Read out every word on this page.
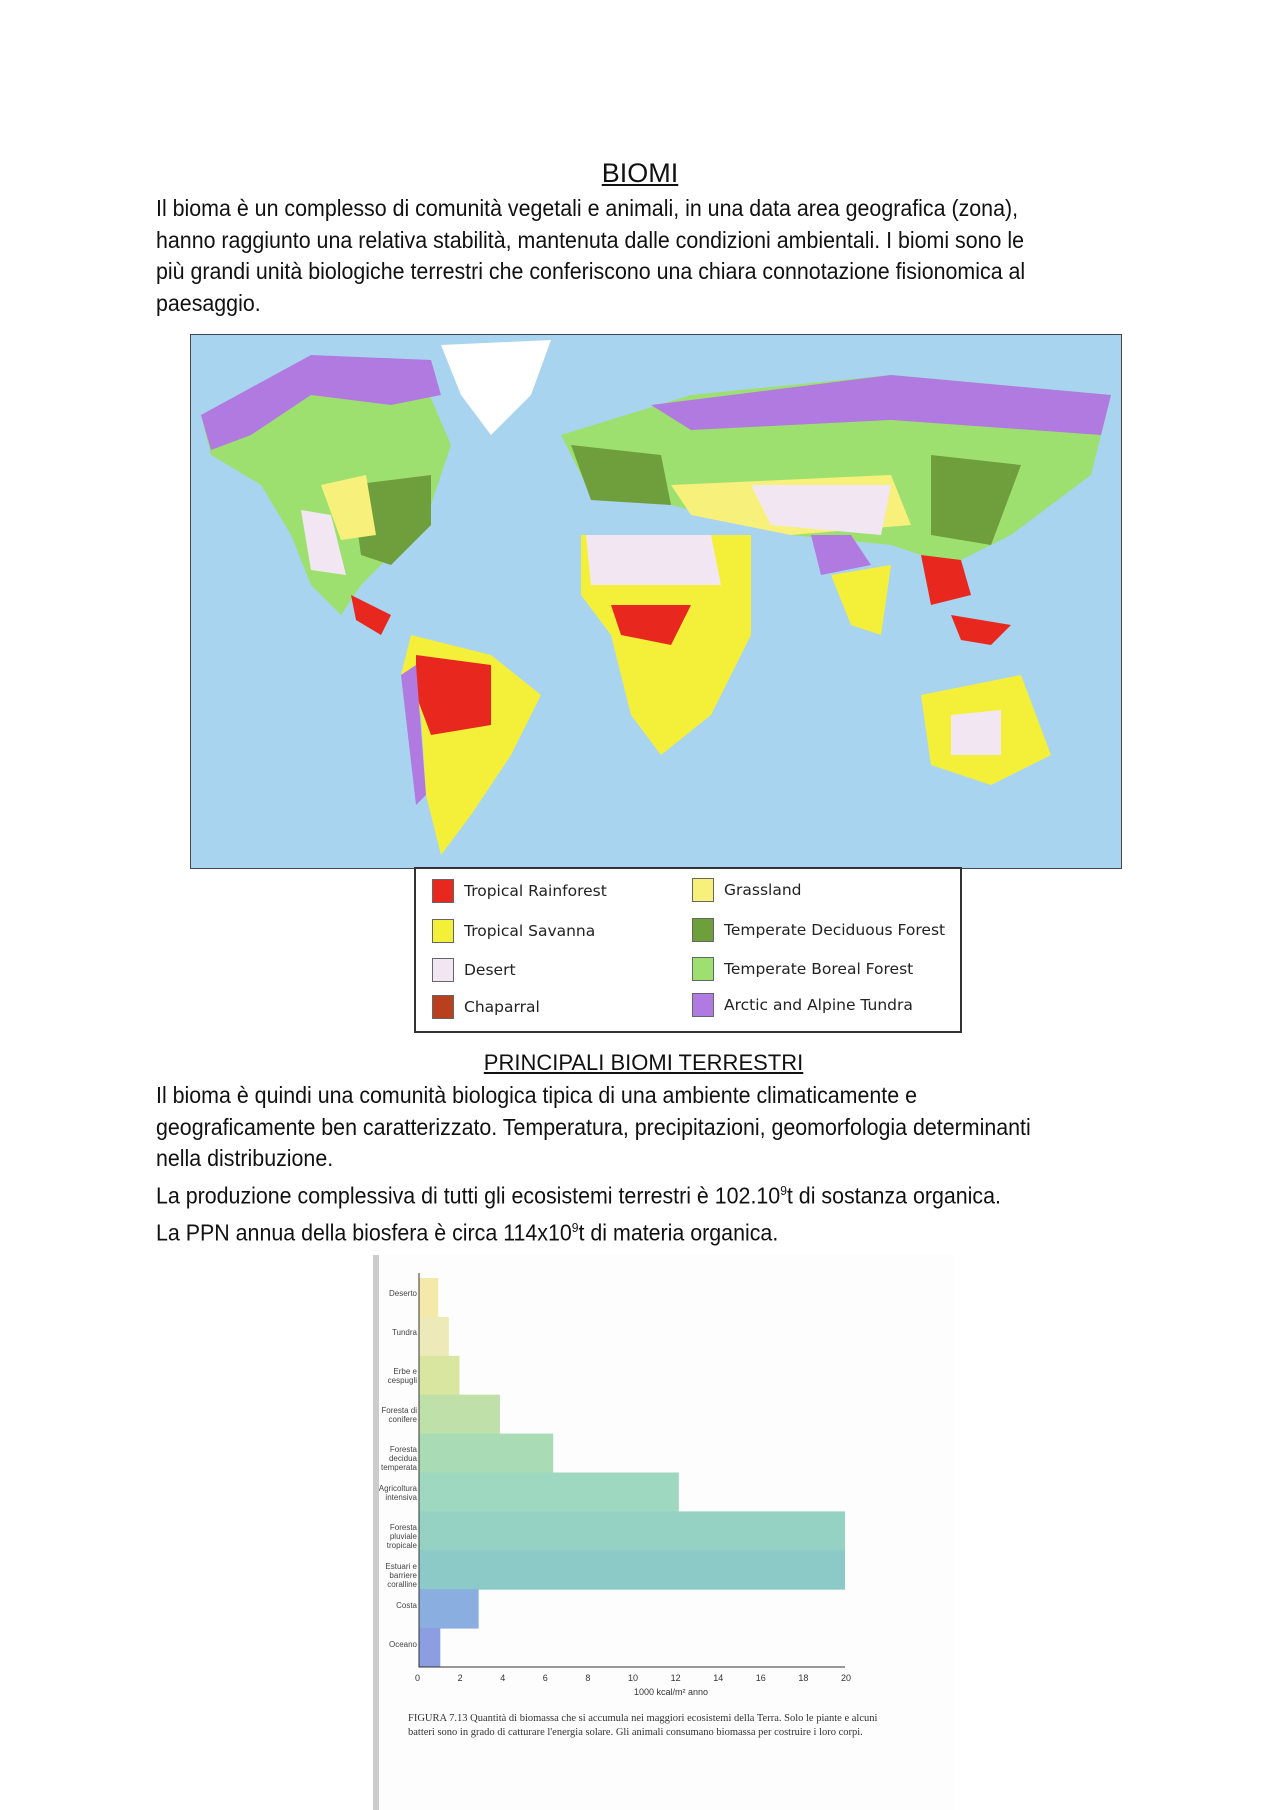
BIOMI
Il bioma è un complesso di comunità vegetali e animali, in una data area geografica (zona),
hanno raggiunto una relativa stabilità, mantenuta dalle condizioni ambientali. I biomi sono le
più grandi unità biologiche terrestri che conferiscono una chiara connotazione fisionomica al
paesaggio.
Tropical Rainforest
Tropical Savanna
Desert
Chaparral
Grassland
Temperate Deciduous Forest
Temperate Boreal Forest
Arctic and Alpine Tundra
PRINCIPALI BIOMI TERRESTRI
Il bioma è quindi una comunità biologica tipica di una ambiente climaticamente e
geograficamente ben caratterizzato. Temperatura, precipitazioni, geomorfologia determinanti
nella distribuzione.
La produzione complessiva di tutti gli ecosistemi terrestri è 102.10$^9$t di sostanza organica.
La PPN annua della biosfera è circa $114x10^9t$ di materia organica.
Deserto
Tundra
Erbe e cespugli
Foresta di conifere
Foresta decidua temperata
Agricoltura intensiva
Foresta pluviale tropicale
Estuari e barriere coralline
Costa
Oceano
0	2	4	6	8	10	12	14	16	18	20
1000 kcal/m² anno
FIGURA 7.13 Quantità di biomassa che si accumula nei maggiori ecosistemi della Terra. Solo le piante e alcuni
batteri sono in grado di catturare l'energia solare. Gli animali consumano biomassa per costruire i loro corpi.
